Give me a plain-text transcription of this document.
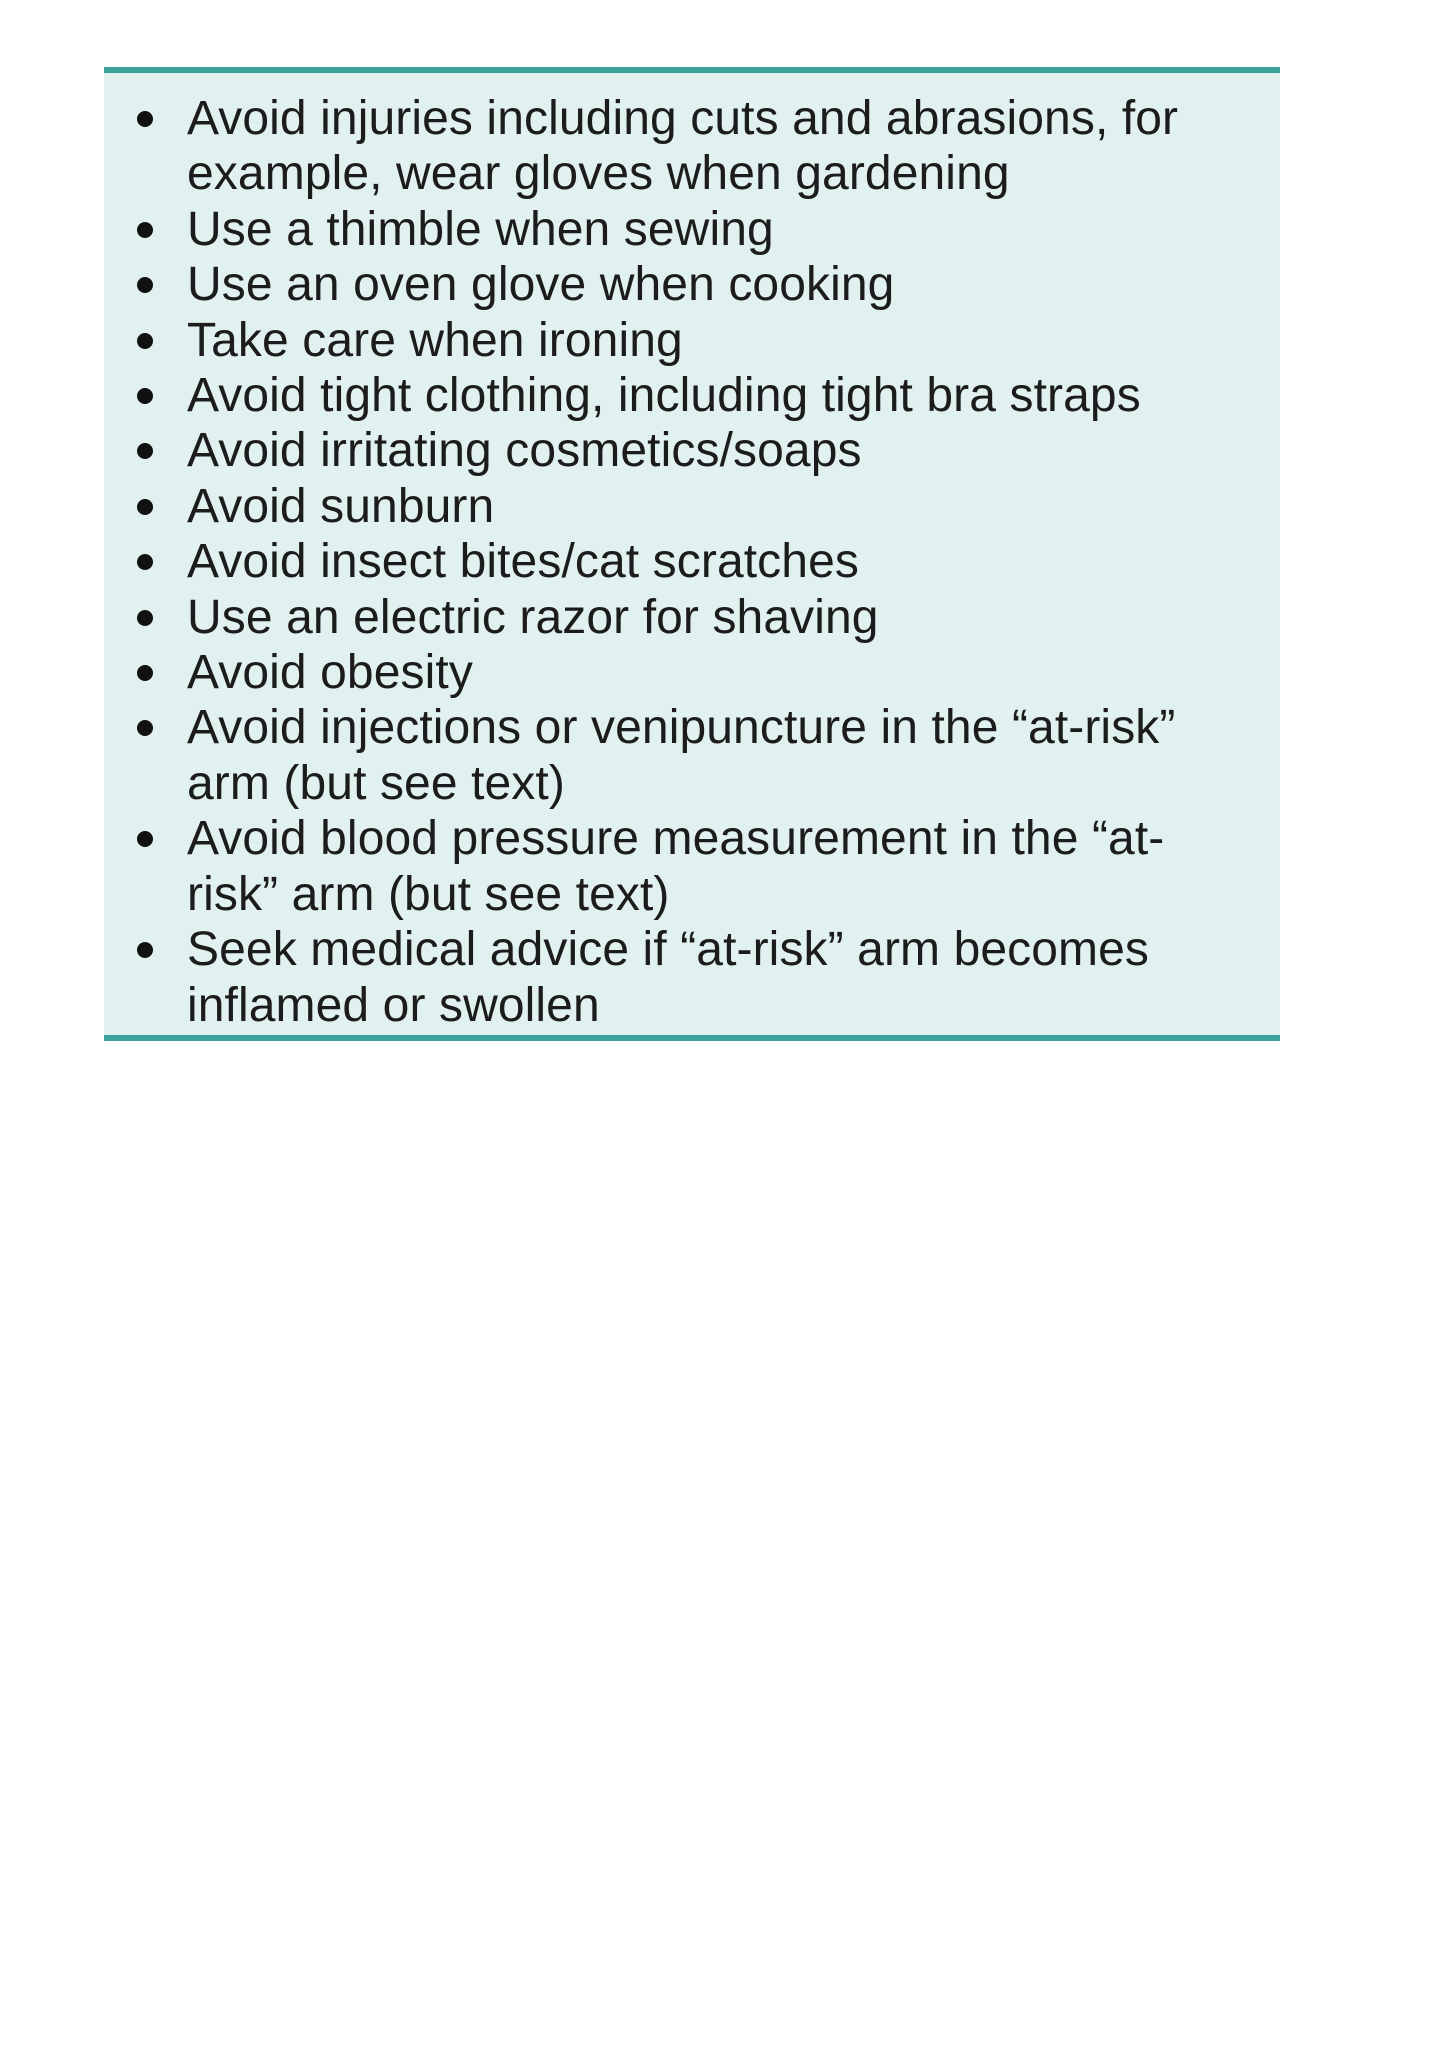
Avoid injuries including cuts and abrasions, for example, wear gloves when gardening
Use a thimble when sewing
Use an oven glove when cooking
Take care when ironing
Avoid tight clothing, including tight bra straps
Avoid irritating cosmetics/soaps
Avoid sunburn
Avoid insect bites/cat scratches
Use an electric razor for shaving
Avoid obesity
Avoid injections or venipuncture in the “at-risk” arm (but see text)
Avoid blood pressure measurement in the “at-risk” arm (but see text)
Seek medical advice if “at-risk” arm becomes inflamed or swollen
